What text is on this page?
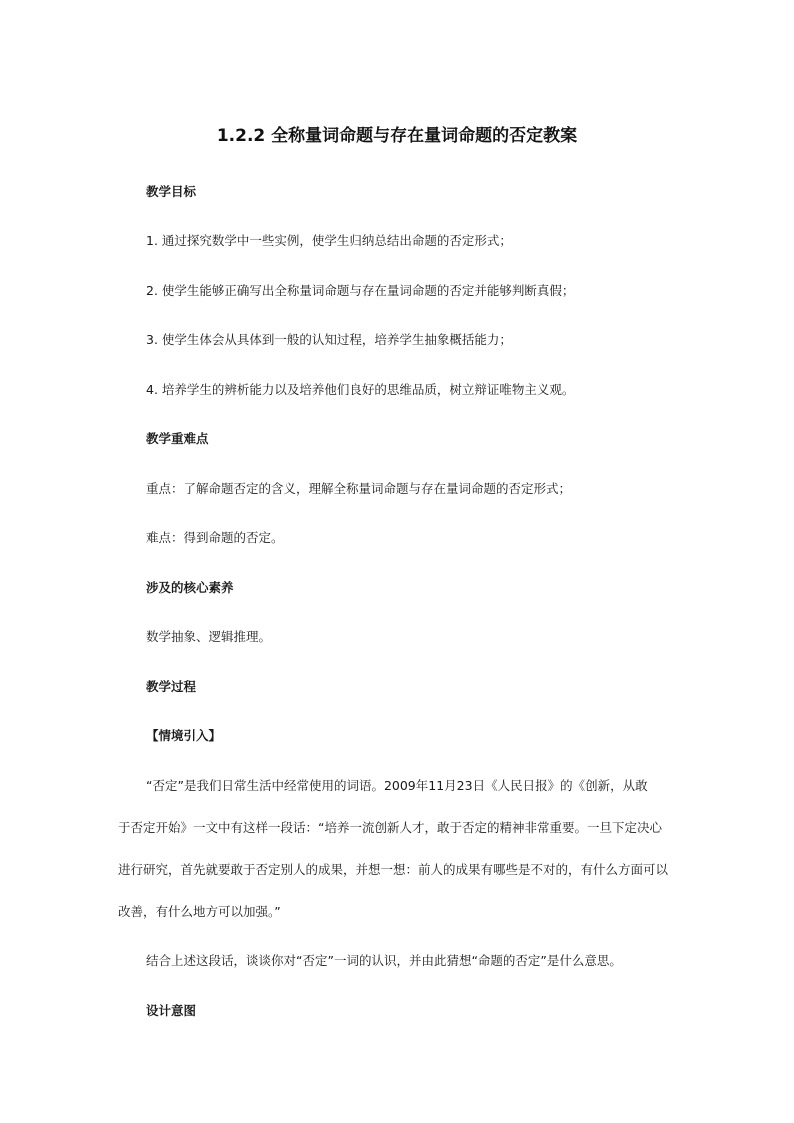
1.2.2 全称量词命题与存在量词命题的否定教案
教学目标
1. 通过探究数学中一些实例，使学生归纳总结出命题的否定形式；
2. 使学生能够正确写出全称量词命题与存在量词命题的否定并能够判断真假；
3. 使学生体会从具体到一般的认知过程，培养学生抽象概括能力；
4. 培养学生的辨析能力以及培养他们良好的思维品质，树立辩证唯物主义观。
教学重难点
重点：了解命题否定的含义，理解全称量词命题与存在量词命题的否定形式；
难点：得到命题的否定。
涉及的核心素养
数学抽象、逻辑推理。
教学过程
【情境引入】
“否定”是我们日常生活中经常使用的词语。2009年11月23日《人民日报》的《创新，从敢
于否定开始》一文中有这样一段话：“培养一流创新人才，敢于否定的精神非常重要。一旦下定决心
进行研究，首先就要敢于否定别人的成果，并想一想：前人的成果有哪些是不对的，有什么方面可以
改善，有什么地方可以加强。”
结合上述这段话，谈谈你对“否定”一词的认识，并由此猜想“命题的否定”是什么意思。
设计意图
